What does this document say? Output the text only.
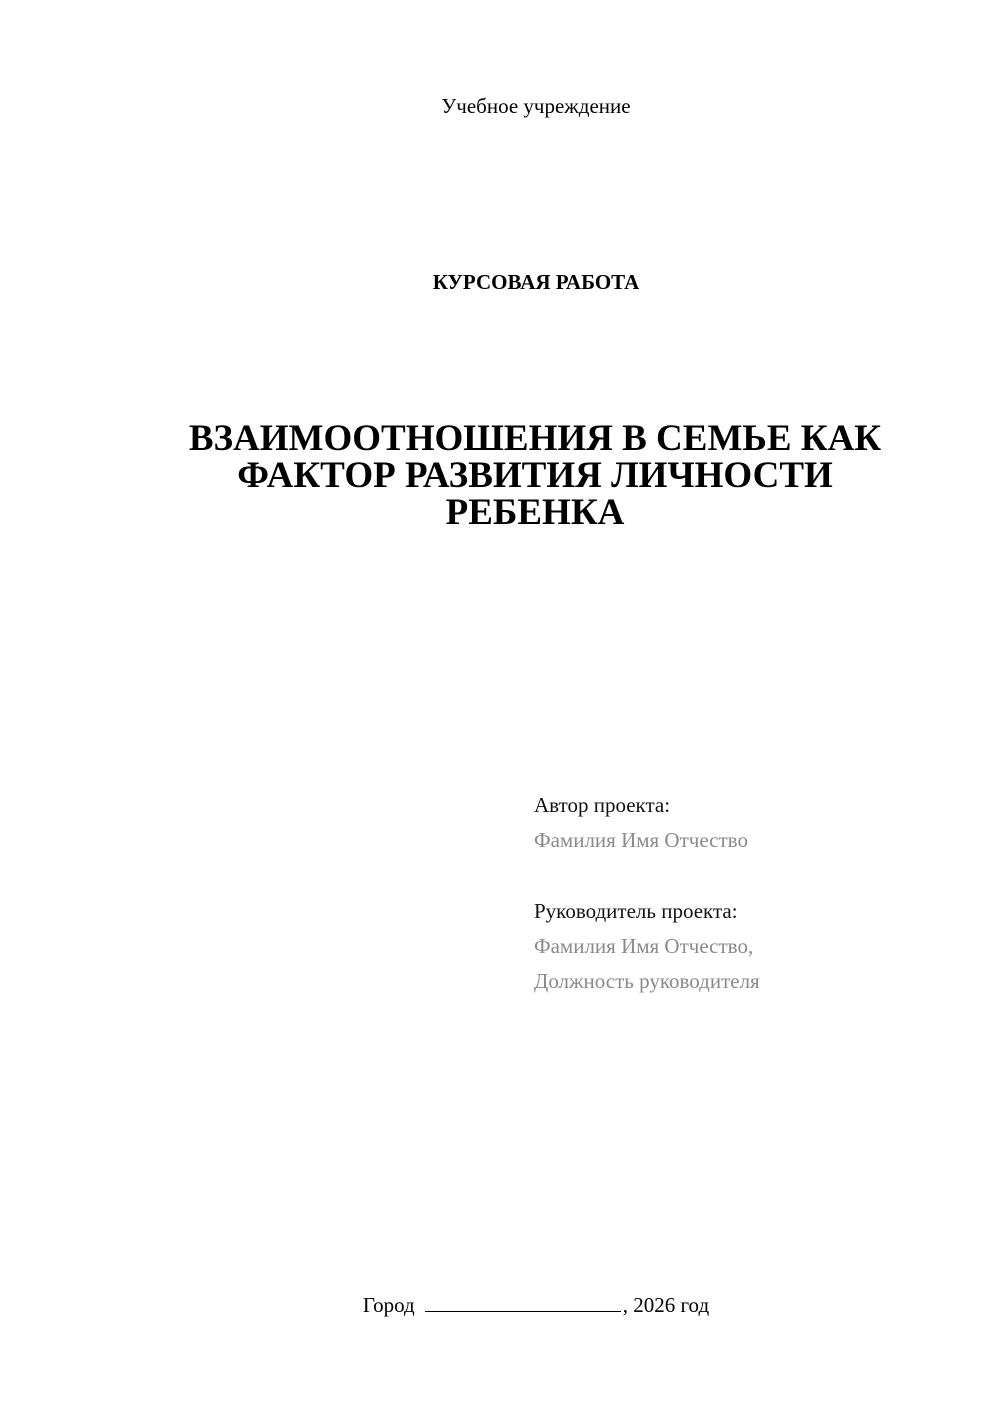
Учебное учреждение
КУРСОВАЯ РАБОТА
ВЗАИМООТНОШЕНИЯ В СЕМЬЕ КАК
ФАКТОР РАЗВИТИЯ ЛИЧНОСТИ
РЕБЕНКА
Автор проекта:
Фамилия Имя Отчество
Руководитель проекта:
Фамилия Имя Отчество,
Должность руководителя
Город	, 2026 год
